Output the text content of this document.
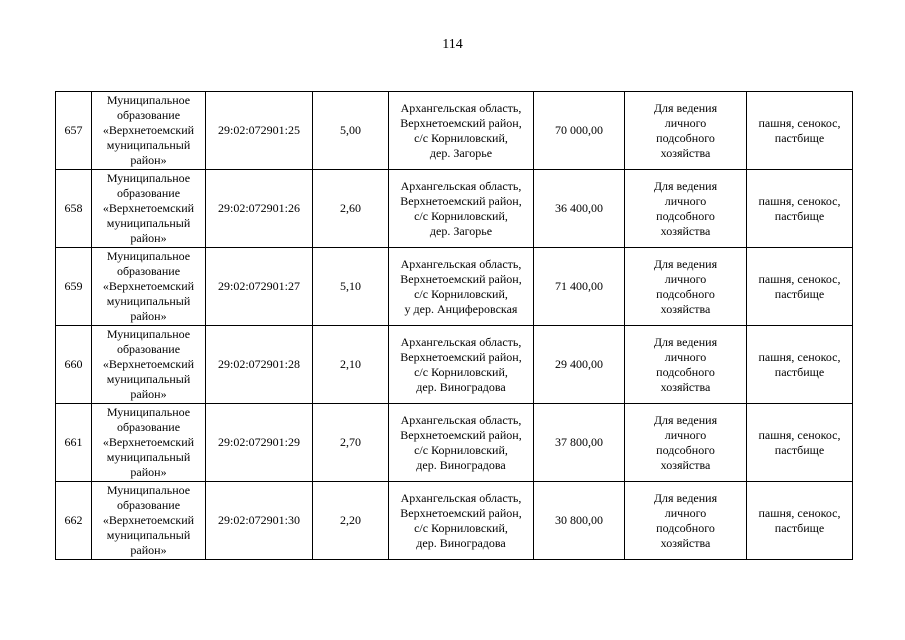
114
657	Муниципальное
образование
«Верхнетоемский
муниципальный
район»	29:02:072901:25	5,00	Архангельская область,
Верхнетоемский район,
с/с Корниловский,
дер. Загорье	70 000,00	Для ведения
личного
подсобного
хозяйства	пашня, сенокос,
пастбище

658	Муниципальное
образование
«Верхнетоемский
муниципальный
район»	29:02:072901:26	2,60	Архангельская область,
Верхнетоемский район,
с/с Корниловский,
дер. Загорье	36 400,00	Для ведения
личного
подсобного
хозяйства	пашня, сенокос,
пастбище

659	Муниципальное
образование
«Верхнетоемский
муниципальный
район»	29:02:072901:27	5,10	Архангельская область,
Верхнетоемский район,
с/с Корниловский,
у дер. Анциферовская	71 400,00	Для ведения
личного
подсобного
хозяйства	пашня, сенокос,
пастбище

660	Муниципальное
образование
«Верхнетоемский
муниципальный
район»	29:02:072901:28	2,10	Архангельская область,
Верхнетоемский район,
с/с Корниловский,
дер. Виноградова	29 400,00	Для ведения
личного
подсобного
хозяйства	пашня, сенокос,
пастбище

661	Муниципальное
образование
«Верхнетоемский
муниципальный
район»	29:02:072901:29	2,70	Архангельская область,
Верхнетоемский район,
с/с Корниловский,
дер. Виноградова	37 800,00	Для ведения
личного
подсобного
хозяйства	пашня, сенокос,
пастбище

662	Муниципальное
образование
«Верхнетоемский
муниципальный
район»	29:02:072901:30	2,20	Архангельская область,
Верхнетоемский район,
с/с Корниловский,
дер. Виноградова	30 800,00	Для ведения
личного
подсобного
хозяйства	пашня, сенокос,
пастбище
